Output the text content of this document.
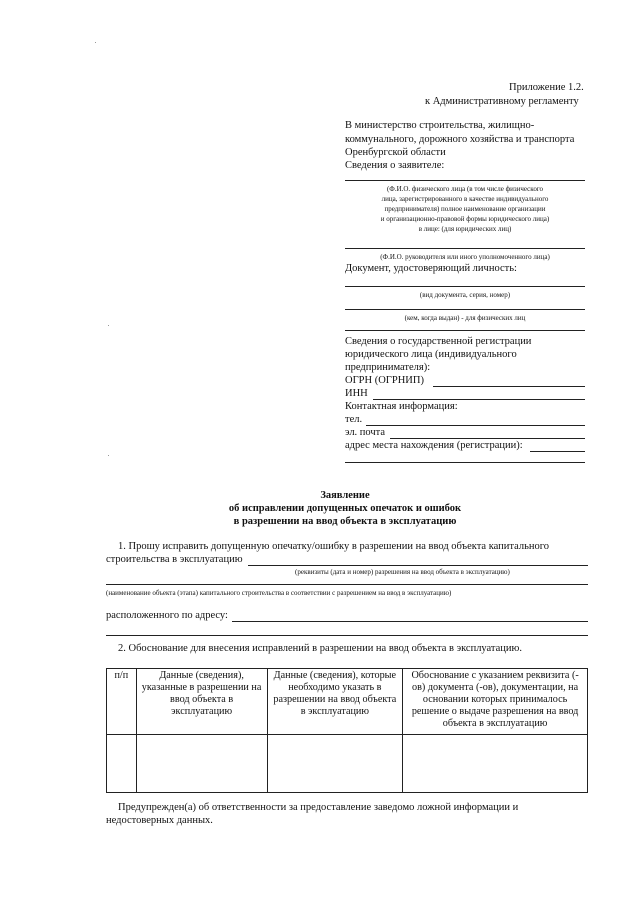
Приложение 1.2.
к Административному регламенту
В министерство строительства, жилищно-
коммунального, дорожного хозяйства и транспорта
Оренбургской области
Сведения о заявителе:
(Ф.И.О. физического лица (в том числе физического
лица, зарегистрированного в качестве индивидуального
предпринимателя) полное наименование организации
и организационно-правовой формы юридического лица)
в лице: (для юридических лиц)
(Ф.И.О. руководителя или иного уполномоченного лица)
Документ, удостоверяющий личность:
(вид документа, серия, номер)
(кем, когда выдан) - для физических лиц
Сведения о государственной регистрации
юридического лица (индивидуального
предпринимателя):
ОГРН (ОГРНИП)
ИНН
Контактная информация:
тел.
эл. почта
адрес места нахождения (регистрации):
Заявление
об исправлении допущенных опечаток и ошибок
в разрешении на ввод объекта в эксплуатацию
1. Прошу исправить допущенную опечатку/ошибку в разрешении на ввод объекта капитального
строительства в эксплуатацию
(реквизиты (дата и номер) разрешения на ввод объекта в эксплуатацию)
(наименование объекта (этапа) капитального строительства в соответствии с разрешением на ввод в эксплуатацию)
расположенного по адресу:
2. Обоснование для внесения исправлений в разрешении на ввод объекта в эксплуатацию.
п/п	Данные (сведения), указанные в разрешении на ввод объекта в эксплуатацию	Данные (сведения), которые необходимо указать в разрешении на ввод объекта в эксплуатацию	Обоснование с указанием реквизита (-ов) документа (-ов), документации, на основании которых принималось решение о выдаче разрешения на ввод объекта в эксплуатацию

Предупрежден(а) об ответственности за предоставление заведомо ложной информации и
недостоверных данных.
